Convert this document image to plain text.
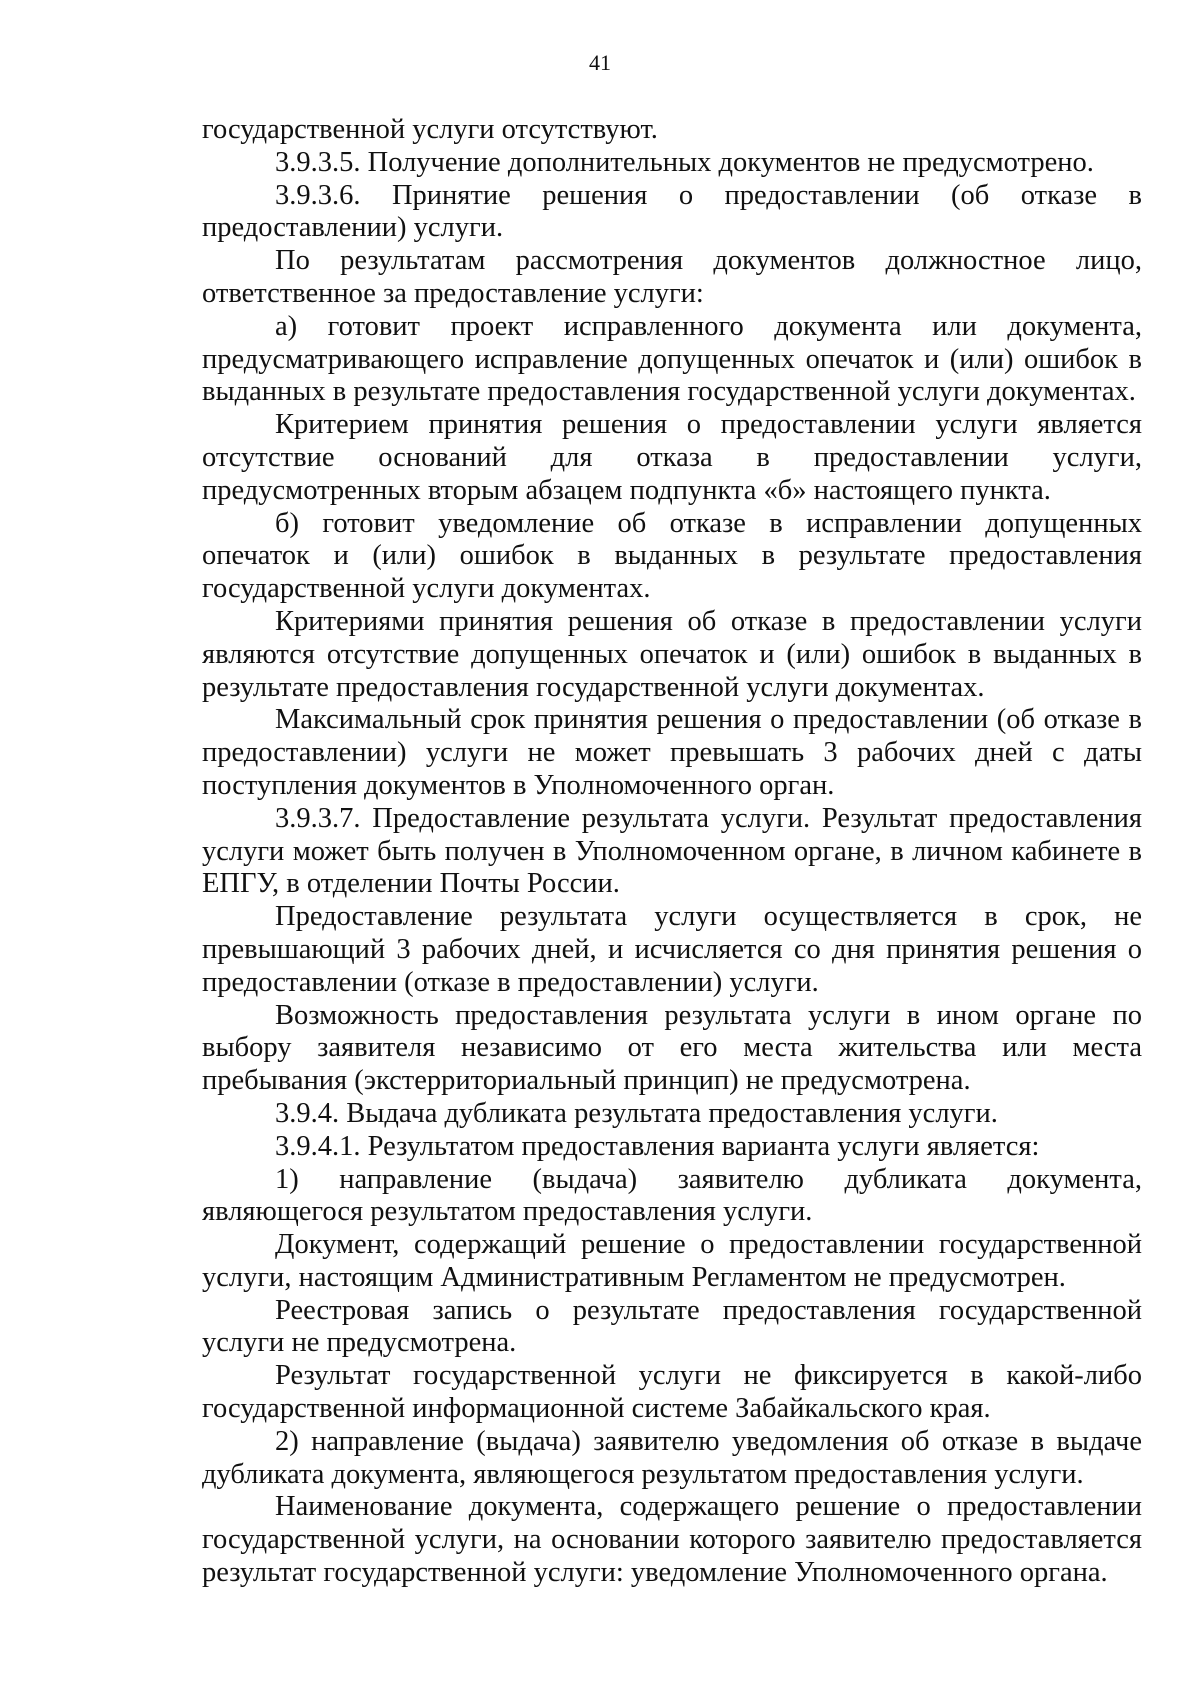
41

государственной услуги отсутствуют.

3.9.3.5. Получение дополнительных документов не предусмотрено.

3.9.3.6. Принятие решения о предоставлении (об отказе в предоставлении) услуги.

По результатам рассмотрения документов должностное лицо, ответственное за предоставление услуги:

а) готовит проект исправленного документа или документа, предусматривающего исправление допущенных опечаток и (или) ошибок в выданных в результате предоставления государственной услуги документах.

Критерием принятия решения о предоставлении услуги является отсутствие оснований для отказа в предоставлении услуги, предусмотренных вторым абзацем подпункта «б» настоящего пункта.

б) готовит уведомление об отказе в исправлении допущенных опечаток и (или) ошибок в выданных в результате предоставления государственной услуги документах.

Критериями принятия решения об отказе в предоставлении услуги являются отсутствие допущенных опечаток и (или) ошибок в выданных в результате предоставления государственной услуги документах.

Максимальный срок принятия решения о предоставлении (об отказе в предоставлении) услуги не может превышать 3 рабочих дней с даты поступления документов в Уполномоченного орган.

3.9.3.7. Предоставление результата услуги. Результат предоставления услуги может быть получен в Уполномоченном органе, в личном кабинете в ЕПГУ, в отделении Почты России.

Предоставление результата услуги осуществляется в срок, не превышающий 3 рабочих дней, и исчисляется со дня принятия решения о предоставлении (отказе в предоставлении) услуги.

Возможность предоставления результата услуги в ином органе по выбору заявителя независимо от его места жительства или места пребывания (экстерриториальный принцип) не предусмотрена.

3.9.4. Выдача дубликата результата предоставления услуги.

3.9.4.1. Результатом предоставления варианта услуги является:

1) направление (выдача) заявителю дубликата документа, являющегося результатом предоставления услуги.

Документ, содержащий решение о предоставлении государственной услуги, настоящим Административным Регламентом не предусмотрен.

Реестровая запись о результате предоставления государственной услуги не предусмотрена.

Результат государственной услуги не фиксируется в какой-либо государственной информационной системе Забайкальского края.

2) направление (выдача) заявителю уведомления об отказе в выдаче дубликата документа, являющегося результатом предоставления услуги.

Наименование документа, содержащего решение о предоставлении государственной услуги, на основании которого заявителю предоставляется результат государственной услуги: уведомление Уполномоченного органа.
